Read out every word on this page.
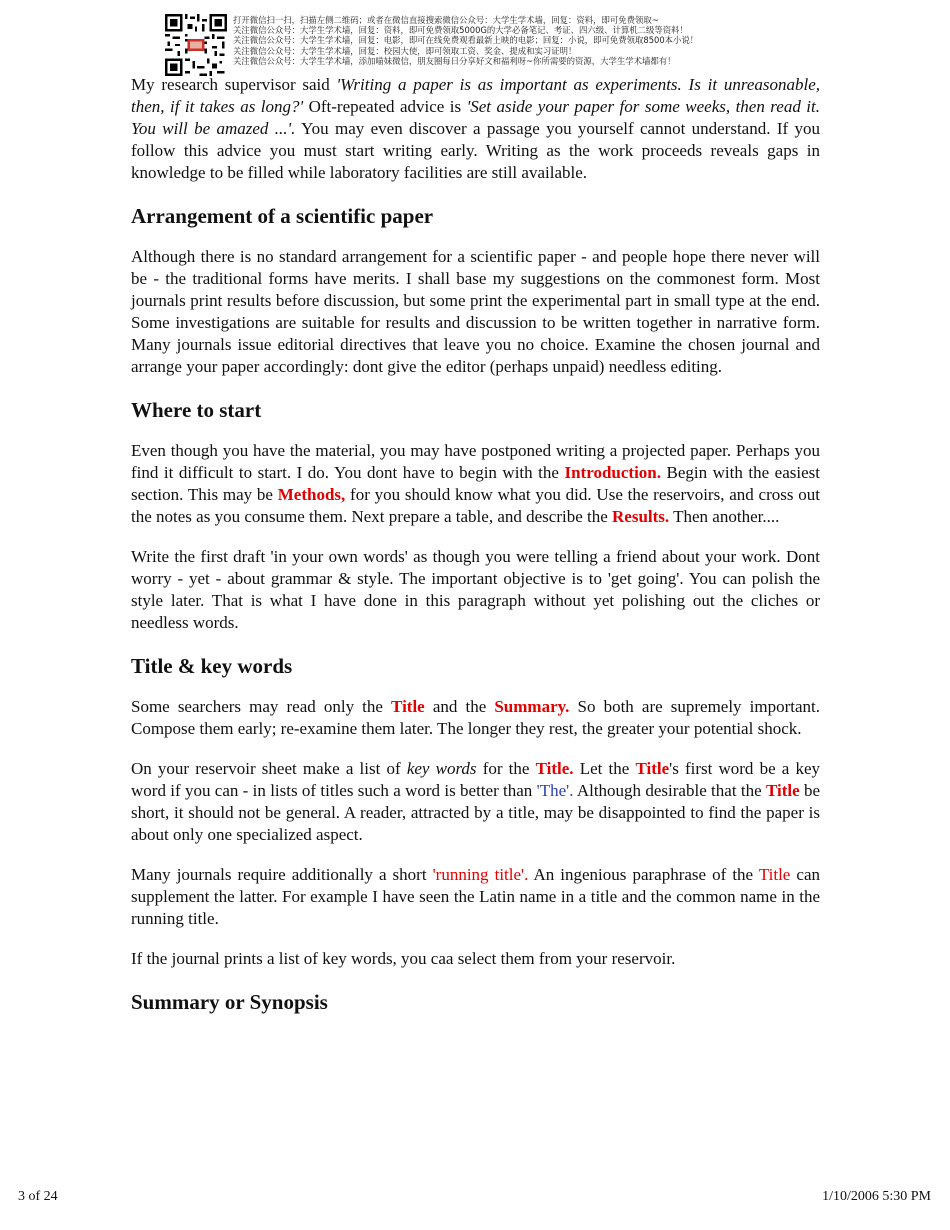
打开微信扫一扫，扫描左侧二维码；或者在微信直接搜索微信公众号：大学生学术墙，回复：资料，即可免费领取~
关注微信公众号：大学生学术墙，回复：资料，即可免费领取5000G的大学必备笔记、考证、四六级、计算机二级等资料！
关注微信公众号：大学生学术墙，回复：电影，即可在线免费观看最新上映的电影；回复：小说，即可免费领取8500本小说！
关注微信公众号：大学生学术墙，回复：校园大使，即可领取工资、奖金、提成和实习证明！
关注微信公众号：大学生学术墙，添加喵妹微信，朋友圈每日分享好文和福利呀~你所需要的资源，大学生学术墙都有！

My research supervisor said 'Writing a paper is as important as experiments. Is it unreasonable, then, if it takes as long?' Oft-repeated advice is 'Set aside your paper for some weeks, then read it. You will be amazed ...'. You may even discover a passage you yourself cannot understand. If you follow this advice you must start writing early. Writing as the work proceeds reveals gaps in knowledge to be filled while laboratory facilities are still available.

Arrangement of a scientific paper

Although there is no standard arrangement for a scientific paper - and people hope there never will be - the traditional forms have merits. I shall base my suggestions on the commonest form. Most journals print results before discussion, but some print the experimental part in small type at the end. Some investigations are suitable for results and discussion to be written together in narrative form. Many journals issue editorial directives that leave you no choice. Examine the chosen journal and arrange your paper accordingly: dont give the editor (perhaps unpaid) needless editing.

Where to start

Even though you have the material, you may have postponed writing a projected paper. Perhaps you find it difficult to start. I do. You dont have to begin with the Introduction. Begin with the easiest section. This may be Methods, for you should know what you did. Use the reservoirs, and cross out the notes as you consume them. Next prepare a table, and describe the Results. Then another....

Write the first draft 'in your own words' as though you were telling a friend about your work. Dont worry - yet - about grammar & style. The important objective is to 'get going'. You can polish the style later. That is what I have done in this paragraph without yet polishing out the cliches or needless words.

Title & key words

Some searchers may read only the Title and the Summary. So both are supremely important. Compose them early; re-examine them later. The longer they rest, the greater your potential shock.

On your reservoir sheet make a list of key words for the Title. Let the Title's first word be a key word if you can - in lists of titles such a word is better than 'The'. Although desirable that the Title be short, it should not be general. A reader, attracted by a title, may be disappointed to find the paper is about only one specialized aspect.

Many journals require additionally a short 'running title'. An ingenious paraphrase of the Title can supplement the latter. For example I have seen the Latin name in a title and the common name in the running title.

If the journal prints a list of key words, you caa select them from your reservoir.

Summary or Synopsis
3 of 24	1/10/2006 5:30 PM
